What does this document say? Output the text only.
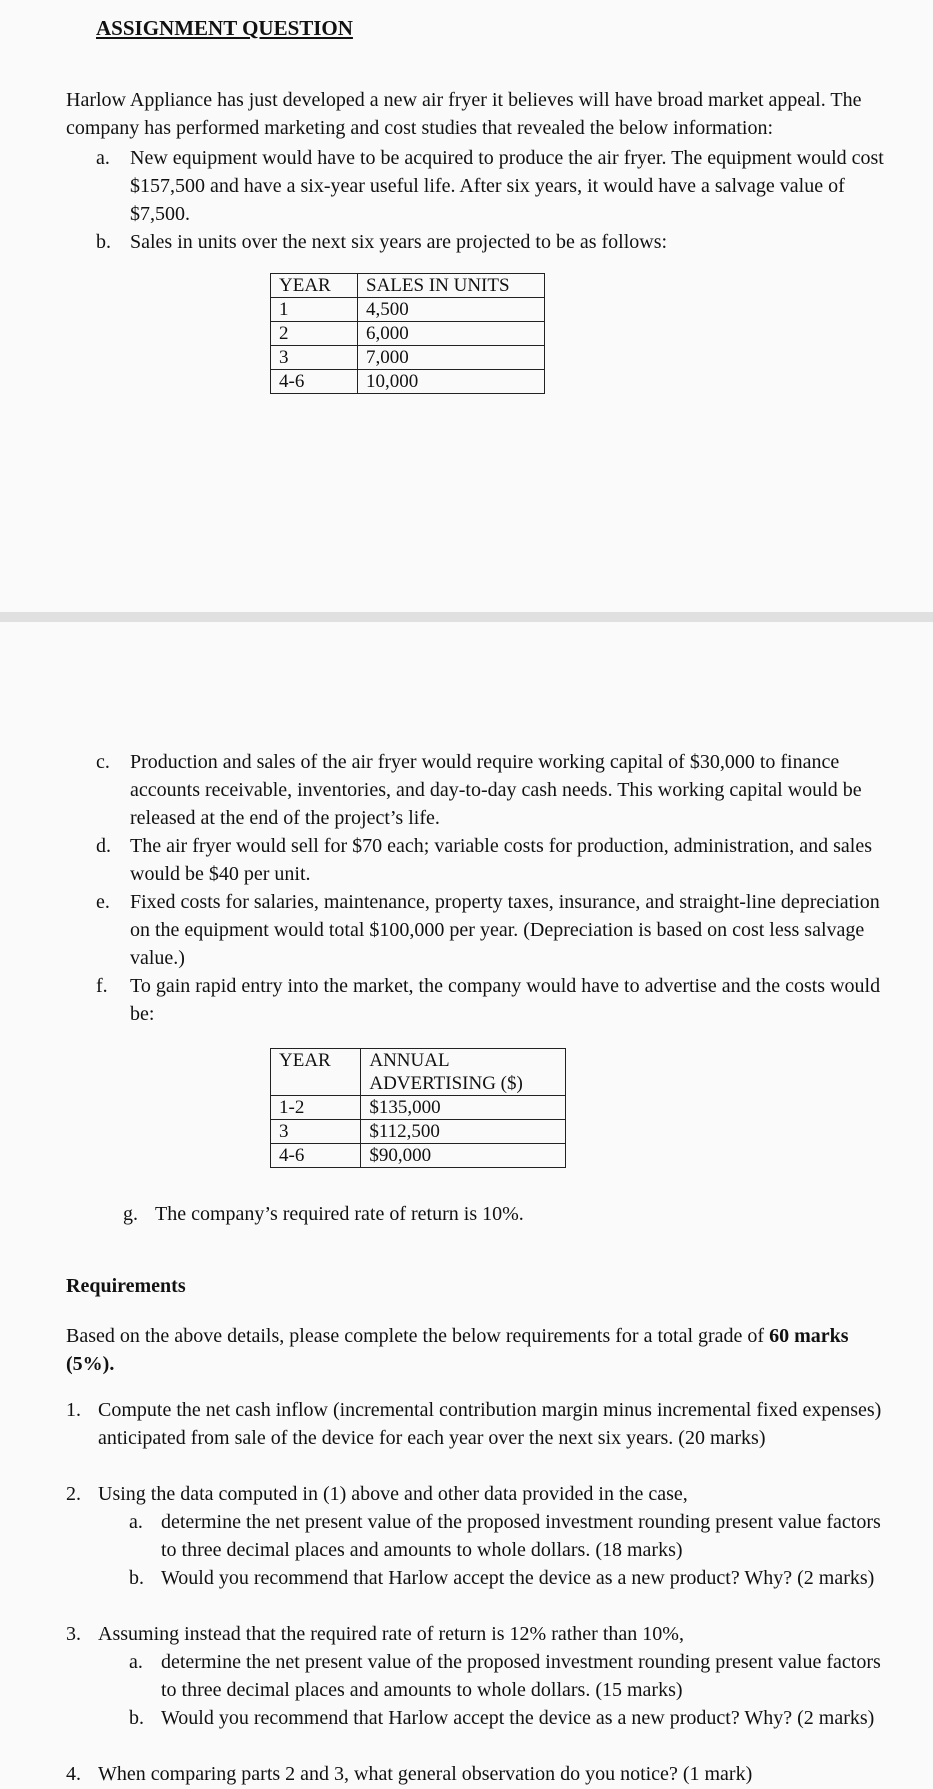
ASSIGNMENT QUESTION

Harlow Appliance has just developed a new air fryer it believes will have broad market appeal. The company has performed marketing and cost studies that revealed the below information:

a.	New equipment would have to be acquired to produce the air fryer. The equipment would cost $157,500 and have a six-year useful life. After six years, it would have a salvage value of $7,500.
b. Sales in units over the next six years are projected to be as follows:
YEAR	SALES IN UNITS
1	4,500
2	6,000
3	7,000
4-6	10,000
c.	Production and sales of the air fryer would require working capital of $30,000 to finance accounts receivable, inventories, and day-to-day cash needs. This working capital would be released at the end of the project’s life.
d. The air fryer would sell for $70 each; variable costs for production, administration, and sales would be $40 per unit.
e.	Fixed costs for salaries, maintenance, property taxes, insurance, and straight-line depreciation on the equipment would total $100,000 per year. (Depreciation is based on cost less salvage value.)
f.	To gain rapid entry into the market, the company would have to advertise and the costs would be:
YEAR	ANNUAL ADVERTISING ($)
1-2	$135,000
3	$112,500
4-6	$90,000
g. The company’s required rate of return is 10%.
Requirements

Based on the above details, please complete the below requirements for a total grade of 60 marks (5%).

1. Compute the net cash inflow (incremental contribution margin minus incremental fixed expenses) anticipated from sale of the device for each year over the next six years. (20 marks)
2. Using the data computed in (1) above and other data provided in the case,
a. determine the net present value of the proposed investment rounding present value factors to three decimal places and amounts to whole dollars. (18 marks)
b. Would you recommend that Harlow accept the device as a new product? Why? (2 marks)
3. Assuming instead that the required rate of return is 12% rather than 10%,
a. determine the net present value of the proposed investment rounding present value factors to three decimal places and amounts to whole dollars. (15 marks)
b. Would you recommend that Harlow accept the device as a new product? Why? (2 marks)
4. When comparing parts 2 and 3, what general observation do you notice? (1 mark)
